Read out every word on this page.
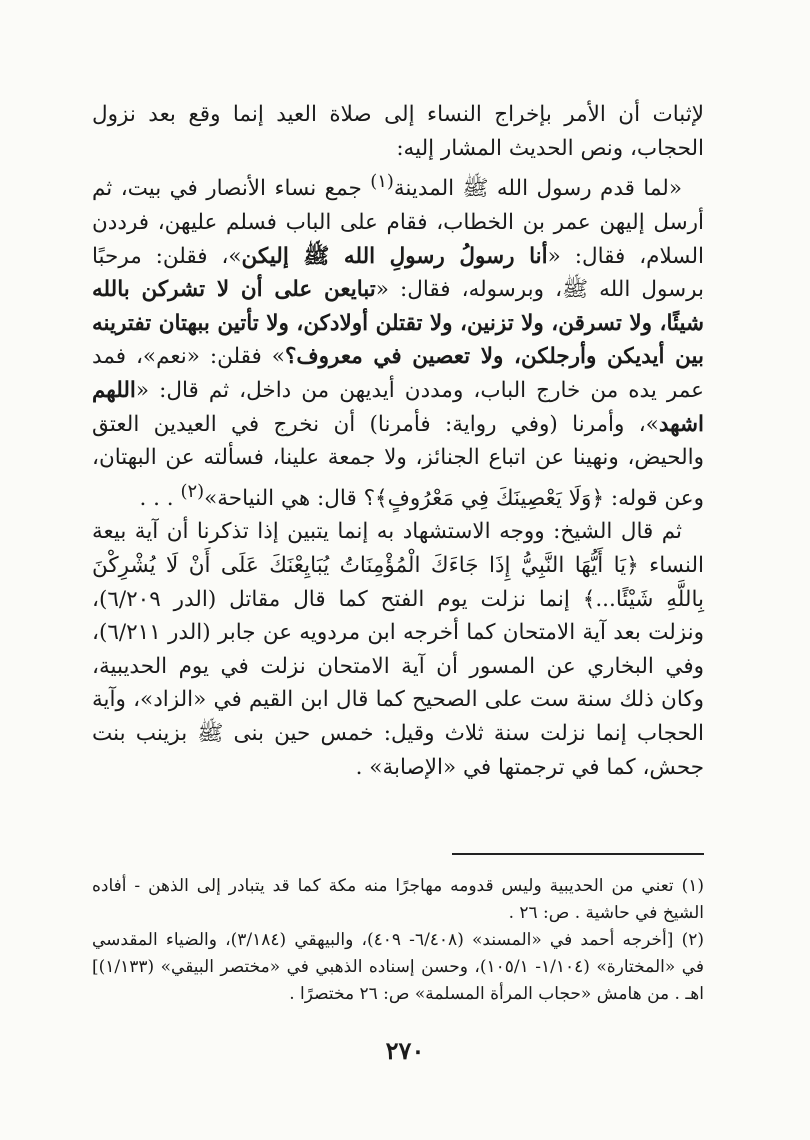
لإثبات أن الأمر بإخراج النساء إلى صلاة العيد إنما وقع بعد نزول الحجاب، ونص الحديث المشار إليه:

«لما قدم رسول الله ﷺ المدينة$^{(١)}$ جمع نساء الأنصار في بيت، ثم أرسل إليهن عمر بن الخطاب، فقام على الباب فسلم عليهن، فرددن السلام، فقال: «أنا رسولُ رسولِ الله ﷺ إليكن»، فقلن: مرحبًا برسول الله ﷺ، وبرسوله، فقال: «تبايعن على أن لا تشركن بالله شيئًا، ولا تسرقن، ولا تزنين، ولا تقتلن أولادكن، ولا تأتين ببهتان تفترينه بين أيديكن وأرجلكن، ولا تعصين في معروف؟» فقلن: «نعم»، فمد عمر يده من خارج الباب، ومددن أيديهن من داخل، ثم قال: «اللهم اشهد»، وأمرنا (وفي رواية: فأمرنا) أن نخرج في العيدين العتق والحيض، ونهينا عن اتباع الجنائز، ولا جمعة علينا، فسألته عن البهتان، وعن قوله: ﴿وَلَا يَعْصِينَكَ فِي مَعْرُوفٍ﴾؟ قال: هي النياحة»$^{(٢)}$ . . .

ثم قال الشيخ: ووجه الاستشهاد به إنما يتبين إذا تذكرنا أن آية بيعة النساء ﴿يَا أَيُّهَا النَّبِيُّ إِذَا جَاءَكَ الْمُؤْمِنَاتُ يُبَايِعْنَكَ عَلَى أَنْ لَا يُشْرِكْنَ بِاللَّهِ شَيْئًا...﴾ إنما نزلت يوم الفتح كما قال مقاتل (الدر ٦/٢٠٩)، ونزلت بعد آية الامتحان كما أخرجه ابن مردويه عن جابر (الدر ٦/٢١١)، وفي البخاري عن المسور أن آية الامتحان نزلت في يوم الحديبية، وكان ذلك سنة ست على الصحيح كما قال ابن القيم في «الزاد»، وآية الحجاب إنما نزلت سنة ثلاث وقيل: خمس حين بنى ﷺ بزينب بنت جحش، كما في ترجمتها في «الإصابة» .

(١) تعني من الحديبية وليس قدومه مهاجرًا منه مكة كما قد يتبادر إلى الذهن - أفاده الشيخ في حاشية . ص: ٢٦ .

(٢) [أخرجه أحمد في «المسند» (٦/٤٠٨- ٤٠٩)، والبيهقي (٣/١٨٤)، والضياء المقدسي في «المختارة» (١/١٠٤- ١٠٥/١)، وحسن إسناده الذهبي في «مختصر البيقي» (١/١٣٣)] اهـ . من هامش «حجاب المرأة المسلمة» ص: ٢٦ مختصرًا .

٢٧٠
